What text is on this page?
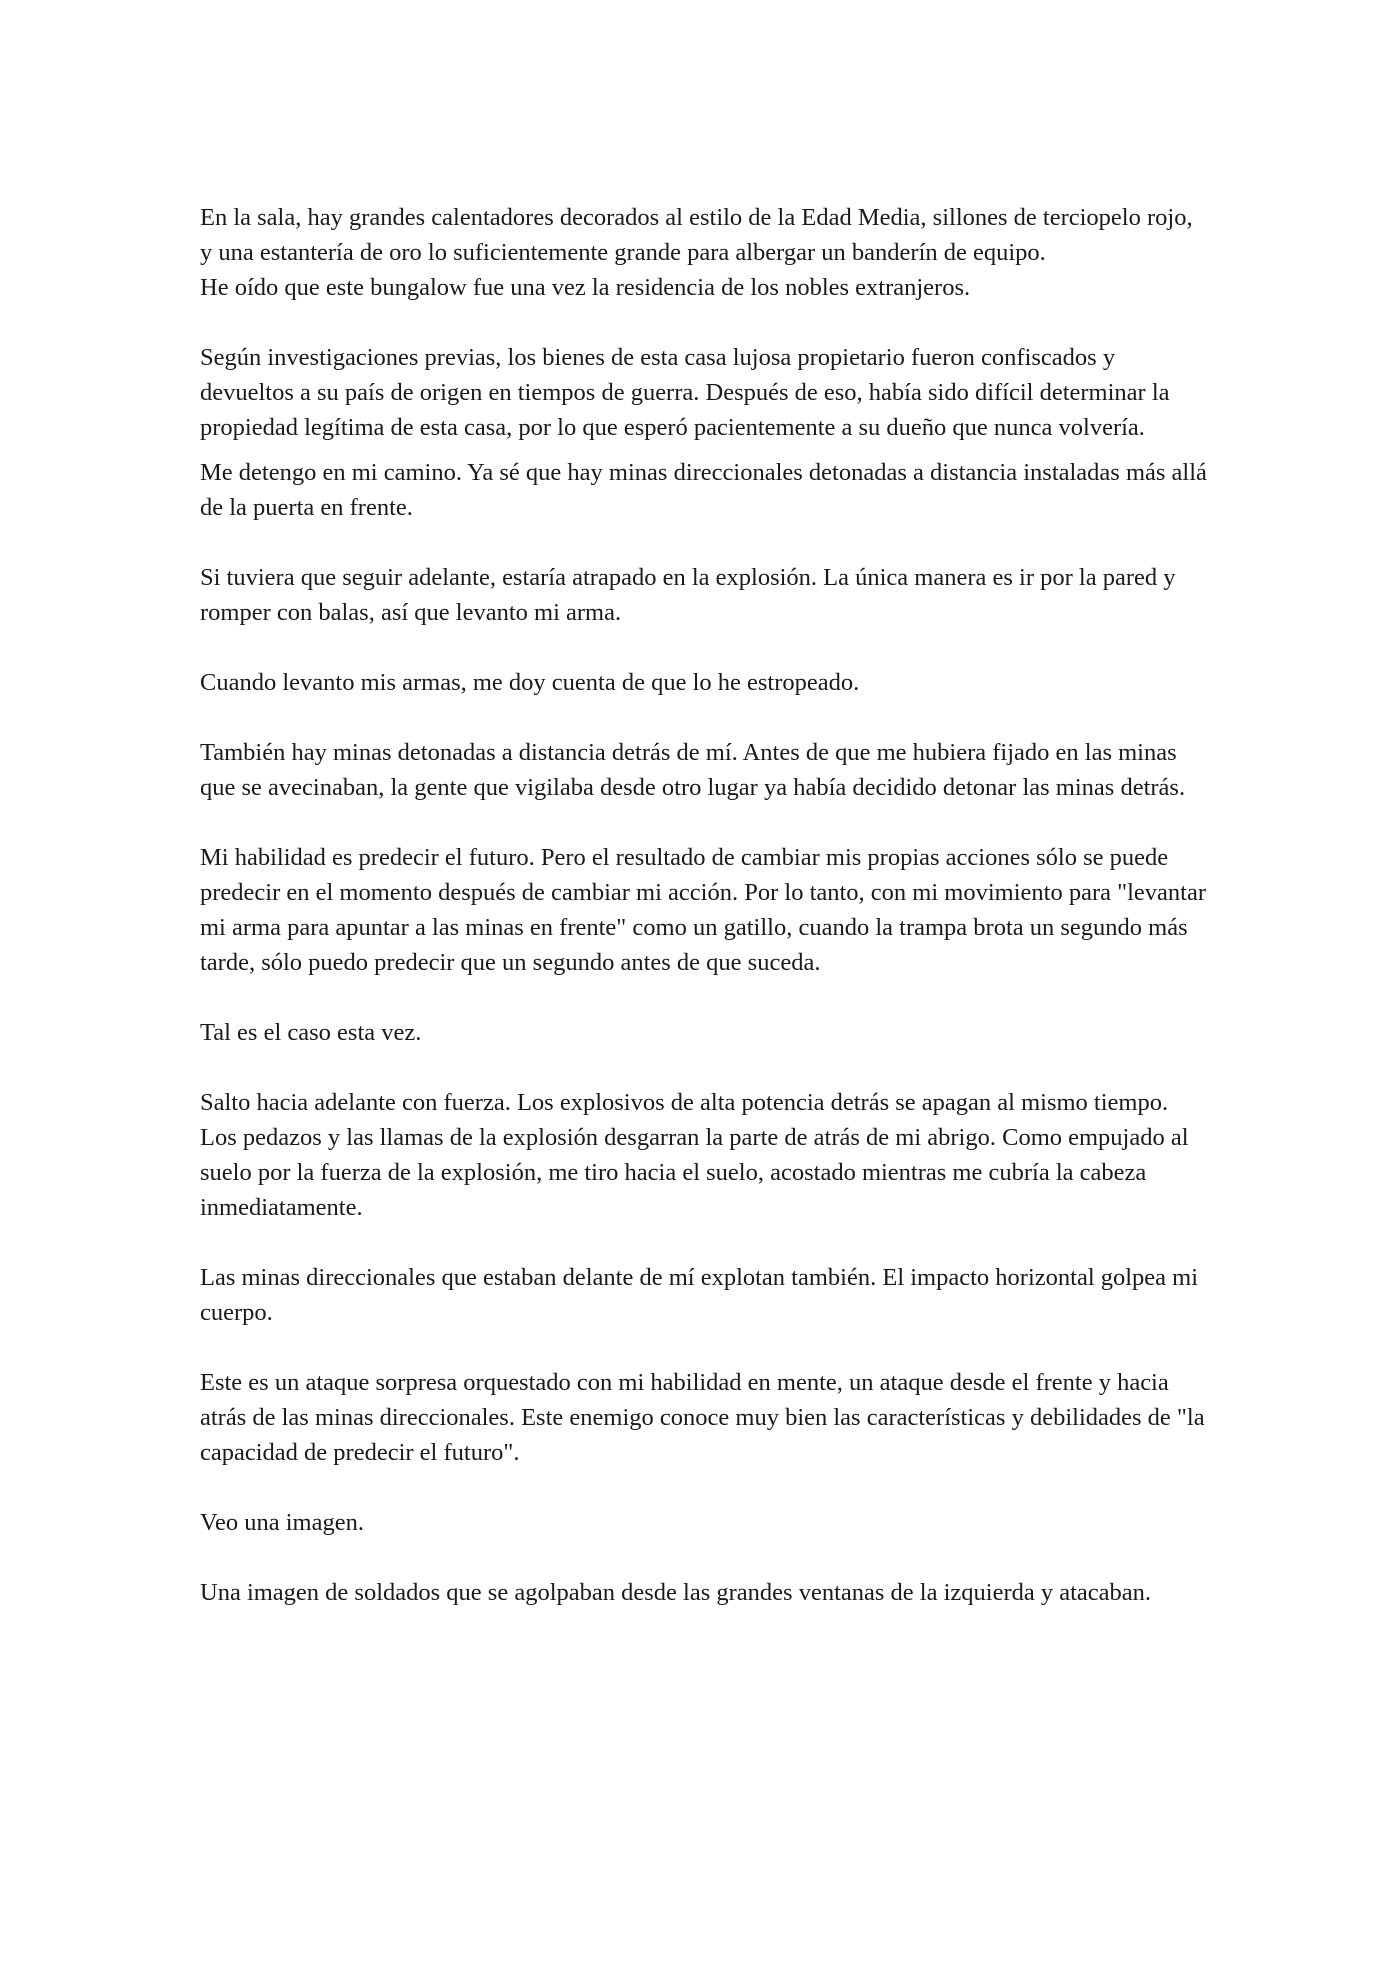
En la sala, hay grandes calentadores decorados al estilo de la Edad Media, sillones de terciopelo rojo, y una estantería de oro lo suficientemente grande para albergar un banderín de equipo.
He oído que este bungalow fue una vez la residencia de los nobles extranjeros.

Según investigaciones previas, los bienes de esta casa lujosa propietario fueron confiscados y devueltos a su país de origen en tiempos de guerra. Después de eso, había sido difícil determinar la propiedad legítima de esta casa, por lo que esperó pacientemente a su dueño que nunca volvería.

Me detengo en mi camino. Ya sé que hay minas direccionales detonadas a distancia instaladas más allá de la puerta en frente.

Si tuviera que seguir adelante, estaría atrapado en la explosión. La única manera es ir por la pared y romper con balas, así que levanto mi arma.

Cuando levanto mis armas, me doy cuenta de que lo he estropeado.

También hay minas detonadas a distancia detrás de mí. Antes de que me hubiera fijado en las minas que se avecinaban, la gente que vigilaba desde otro lugar ya había decidido detonar las minas detrás.

Mi habilidad es predecir el futuro. Pero el resultado de cambiar mis propias acciones sólo se puede predecir en el momento después de cambiar mi acción. Por lo tanto, con mi movimiento para "levantar mi arma para apuntar a las minas en frente" como un gatillo, cuando la trampa brota un segundo más tarde, sólo puedo predecir que un segundo antes de que suceda.

Tal es el caso esta vez.

Salto hacia adelante con fuerza. Los explosivos de alta potencia detrás se apagan al mismo tiempo. Los pedazos y las llamas de la explosión desgarran la parte de atrás de mi abrigo. Como empujado al suelo por la fuerza de la explosión, me tiro hacia el suelo, acostado mientras me cubría la cabeza inmediatamente.

Las minas direccionales que estaban delante de mí explotan también. El impacto horizontal golpea mi cuerpo.

Este es un ataque sorpresa orquestado con mi habilidad en mente, un ataque desde el frente y hacia atrás de las minas direccionales. Este enemigo conoce muy bien las características y debilidades de "la capacidad de predecir el futuro".

Veo una imagen.

Una imagen de soldados que se agolpaban desde las grandes ventanas de la izquierda y atacaban.
